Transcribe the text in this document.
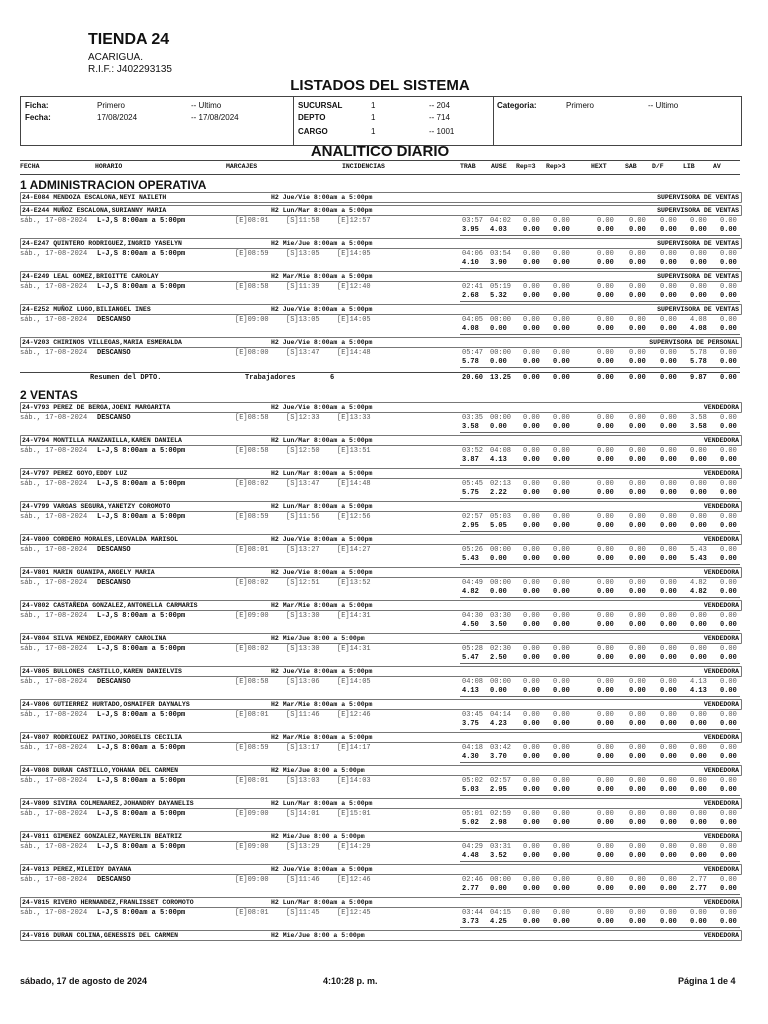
TIENDA 24
ACARIGUA.
R.I.F.: J402293135
LISTADOS DEL SISTEMA
Ficha:	Primero	-- Ultimo
Fecha:	17/08/2024	-- 17/08/2024
SUCURSAL	1	-- 204
DEPTO	1	-- 714
CARGO	1	-- 1001
Categoria:	Primero	-- Ultimo
ANALITICO DIARIO
FECHA	HORARIO	MARCAJES	INCIDENCIAS	TRAB AUSE Rep=3 Rep>3	HEXT	SAB D/F	LIB	AV
1 ADMINISTRACION OPERATIVA
24-E084 MENDOZA ESCALONA,NEYI NAILETH	H2 Jue/Vie 8:00am a 5:00pm	SUPERVISORA DE VENTAS
24-E244 MUÑOZ ESCALONA,SURIANNY MARIA	H2 Lun/Mar 8:00am a 5:00pm	SUPERVISORA DE VENTAS
sáb., 17-08-2024 L-J,S 8:00am a 5:00pm	[E]08:01 [S]11:58 [E]12:57	03:57 04:02 0.00 0.00	0.00 0.00 0.00 0.00 0.00
3.95 4.03 0.00 0.00	0.00 0.00 0.00 0.00 0.00
24-E247 QUINTERO RODRIGUEZ,INGRID YASELYN	H2 Mie/Jue 8:00am a 5:00pm	SUPERVISORA DE VENTAS
sáb., 17-08-2024 L-J,S 8:00am a 5:00pm	[E]08:59 [S]13:05 [E]14:05	04:06 03:54 0.00 0.00	0.00 0.00 0.00 0.00 0.00
4.10 3.90 0.00 0.00	0.00 0.00 0.00 0.00 0.00
24-E249 LEAL GOMEZ,BRIGITTE CAROLAY	H2 Mar/Mie 8:00am a 5:00pm	SUPERVISORA DE VENTAS
sáb., 17-08-2024 L-J,S 8:00am a 5:00pm	[E]08:58 [S]11:39 [E]12:40	02:41 05:19 0.00 0.00	0.00 0.00 0.00 0.00 0.00
2.68 5.32 0.00 0.00	0.00 0.00 0.00 0.00 0.00
24-E252 MUÑOZ LUGO,BILIANGEL INES	H2 Jue/Vie 8:00am a 5:00pm	SUPERVISORA DE VENTAS
sáb., 17-08-2024 DESCANSO	[E]09:00 [S]13:05 [E]14:05	04:05 00:00 0.00 0.00	0.00 0.00 0.00 4.08 0.00
4.08 0.00 0.00 0.00	0.00 0.00 0.00 4.08 0.00
24-V203 CHIRINOS VILLEGAS,MARIA ESMERALDA	H2 Jue/Vie 8:00am a 5:00pm	SUPERVISORA DE PERSONAL
sáb., 17-08-2024 DESCANSO	[E]08:00 [S]13:47 [E]14:48	05:47 00:00 0.00 0.00	0.00 0.00 0.00 5.78 0.00
5.78 0.00 0.00 0.00	0.00 0.00 0.00 5.78 0.00
Resumen del DPTO.	Trabajadores	6	20.60 13.25 0.00 0.00	0.00 0.00 0.00 9.87 0.00
2 VENTAS
24-V793 PEREZ DE BERGA,JOENI MARGARITA	H2 Jue/Vie 8:00am a 5:00pm	VENDEDORA
sáb., 17-08-2024 DESCANSO	[E]08:58 [S]12:33 [E]13:33	03:35 00:00 0.00 0.00	0.00 0.00 0.00 3.58 0.00
3.58 0.00 0.00 0.00	0.00 0.00 0.00 3.58 0.00
24-V794 MONTILLA MANZANILLA,KAREN DANIELA	H2 Lun/Mar 8:00am a 5:00pm	VENDEDORA
sáb., 17-08-2024 L-J,S 8:00am a 5:00pm	[E]08:58 [S]12:50 [E]13:51	03:52 04:08 0.00 0.00	0.00 0.00 0.00 0.00 0.00
3.87 4.13 0.00 0.00	0.00 0.00 0.00 0.00 0.00
24-V797 PEREZ GOYO,EDDY LUZ	H2 Lun/Mar 8:00am a 5:00pm	VENDEDORA
sáb., 17-08-2024 L-J,S 8:00am a 5:00pm	[E]08:02 [S]13:47 [E]14:48	05:45 02:13 0.00 0.00	0.00 0.00 0.00 0.00 0.00
5.75 2.22 0.00 0.00	0.00 0.00 0.00 0.00 0.00
24-V799 VARGAS SEGURA,YANETZY COROMOTO	H2 Lun/Mar 8:00am a 5:00pm	VENDEDORA
sáb., 17-08-2024 L-J,S 8:00am a 5:00pm	[E]08:59 [S]11:56 [E]12:56	02:57 05:03 0.00 0.00	0.00 0.00 0.00 0.00 0.00
2.95 5.05 0.00 0.00	0.00 0.00 0.00 0.00 0.00
24-V800 CORDERO MORALES,LEOVALDA MARISOL	H2 Jue/Vie 8:00am a 5:00pm	VENDEDORA
sáb., 17-08-2024 DESCANSO	[E]08:01 [S]13:27 [E]14:27	05:26 00:00 0.00 0.00	0.00 0.00 0.00 5.43 0.00
5.43 0.00 0.00 0.00	0.00 0.00 0.00 5.43 0.00
24-V801 MARIN GUANIPA,ANGELY MARIA	H2 Jue/Vie 8:00am a 5:00pm	VENDEDORA
sáb., 17-08-2024 DESCANSO	[E]08:02 [S]12:51 [E]13:52	04:49 00:00 0.00 0.00	0.00 0.00 0.00 4.82 0.00
4.82 0.00 0.00 0.00	0.00 0.00 0.00 4.82 0.00
24-V802 CASTAÑEDA GONZALEZ,ANTONELLA CARMARIS	H2 Mar/Mie 8:00am a 5:00pm	VENDEDORA
sáb., 17-08-2024 L-J,S 8:00am a 5:00pm	[E]09:00 [S]13:30 [E]14:31	04:30 03:30 0.00 0.00	0.00 0.00 0.00 0.00 0.00
4.50 3.50 0.00 0.00	0.00 0.00 0.00 0.00 0.00
24-V804 SILVA MENDEZ,EDGMARY CAROLINA	H2 Mie/Jue 8:00 a 5:00pm	VENDEDORA
sáb., 17-08-2024 L-J,S 8:00am a 5:00pm	[E]08:02 [S]13:30 [E]14:31	05:28 02:30 0.00 0.00	0.00 0.00 0.00 0.00 0.00
5.47 2.50 0.00 0.00	0.00 0.00 0.00 0.00 0.00
24-V805 BULLONES CASTILLO,KAREN DANIELVIS	H2 Jue/Vie 8:00am a 5:00pm	VENDEDORA
sáb., 17-08-2024 DESCANSO	[E]08:58 [S]13:06 [E]14:05	04:08 00:00 0.00 0.00	0.00 0.00 0.00 4.13 0.00
4.13 0.00 0.00 0.00	0.00 0.00 0.00 4.13 0.00
24-V806 GUTIERREZ HURTADO,OSMAIFER DAYNALYS	H2 Mar/Mie 8:00am a 5:00pm	VENDEDORA
sáb., 17-08-2024 L-J,S 8:00am a 5:00pm	[E]08:01 [S]11:46 [E]12:46	03:45 04:14 0.00 0.00	0.00 0.00 0.00 0.00 0.00
3.75 4.23 0.00 0.00	0.00 0.00 0.00 0.00 0.00
24-V807 RODRIGUEZ PATINO,JORGELIS CECILIA	H2 Mar/Mie 8:00am a 5:00pm	VENDEDORA
sáb., 17-08-2024 L-J,S 8:00am a 5:00pm	[E]08:59 [S]13:17 [E]14:17	04:18 03:42 0.00 0.00	0.00 0.00 0.00 0.00 0.00
4.30 3.70 0.00 0.00	0.00 0.00 0.00 0.00 0.00
24-V808 DURAN CASTILLO,YOHANA DEL CARMEN	H2 Mie/Jue 8:00 a 5:00pm	VENDEDORA
sáb., 17-08-2024 L-J,S 8:00am a 5:00pm	[E]08:01 [S]13:03 [E]14:03	05:02 02:57 0.00 0.00	0.00 0.00 0.00 0.00 0.00
5.03 2.95 0.00 0.00	0.00 0.00 0.00 0.00 0.00
24-V809 SIVIRA COLMENAREZ,JOHANDRY DAYANELIS	H2 Lun/Mar 8:00am a 5:00pm	VENDEDORA
sáb., 17-08-2024 L-J,S 8:00am a 5:00pm	[E]09:00 [S]14:01 [E]15:01	05:01 02:59 0.00 0.00	0.00 0.00 0.00 0.00 0.00
5.02 2.98 0.00 0.00	0.00 0.00 0.00 0.00 0.00
24-V811 GIMENEZ GONZALEZ,MAYERLIN BEATRIZ	H2 Mie/Jue 8:00 a 5:00pm	VENDEDORA
sáb., 17-08-2024 L-J,S 8:00am a 5:00pm	[E]09:00 [S]13:29 [E]14:29	04:29 03:31 0.00 0.00	0.00 0.00 0.00 0.00 0.00
4.48 3.52 0.00 0.00	0.00 0.00 0.00 0.00 0.00
24-V813 PEREZ,MILEIDY DAYANA	H2 Jue/Vie 8:00am a 5:00pm	VENDEDORA
sáb., 17-08-2024 DESCANSO	[E]09:00 [S]11:46 [E]12:46	02:46 00:00 0.00 0.00	0.00 0.00 0.00 2.77 0.00
2.77 0.00 0.00 0.00	0.00 0.00 0.00 2.77 0.00
24-V815 RIVERO HERNANDEZ,FRANLISSET COROMOTO	H2 Lun/Mar 8:00am a 5:00pm	VENDEDORA
sáb., 17-08-2024 L-J,S 8:00am a 5:00pm	[E]08:01 [S]11:45 [E]12:45	03:44 04:15 0.00 0.00	0.00 0.00 0.00 0.00 0.00
3.73 4.25 0.00 0.00	0.00 0.00 0.00 0.00 0.00
24-V816 DURAN COLINA,GENESSIS DEL CARMEN	H2 Mie/Jue 8:00 a 5:00pm	VENDEDORA
sábado, 17 de agosto de 2024	4:10:28 p. m.	Página 1 de 4
